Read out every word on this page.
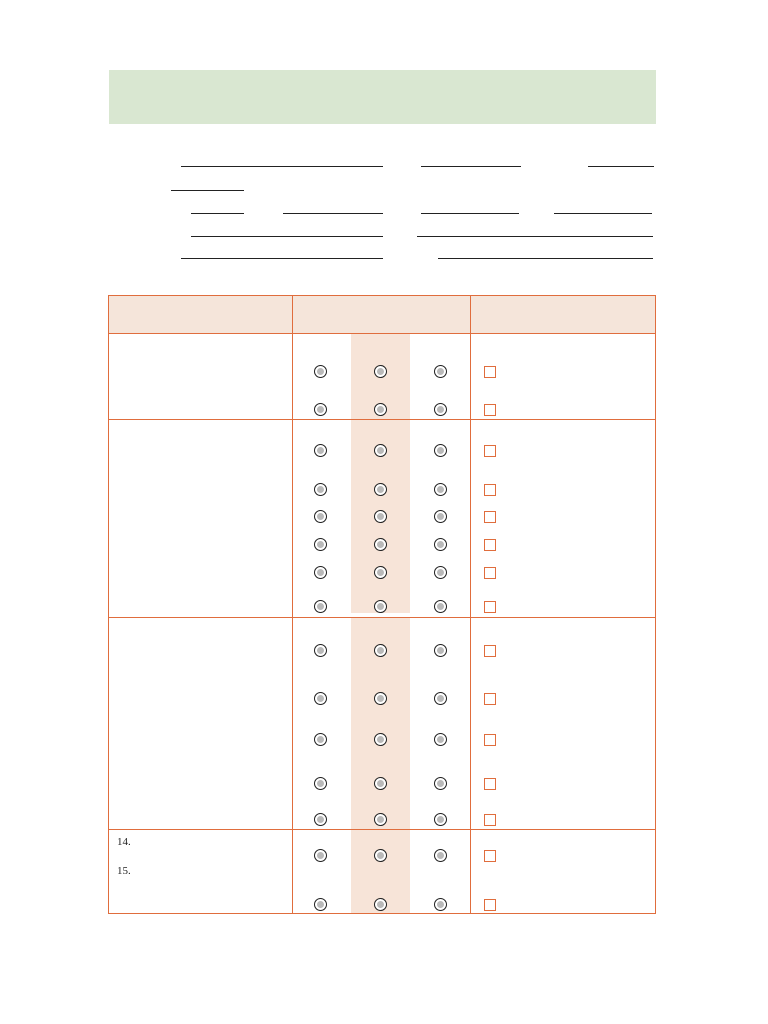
14.
15.
